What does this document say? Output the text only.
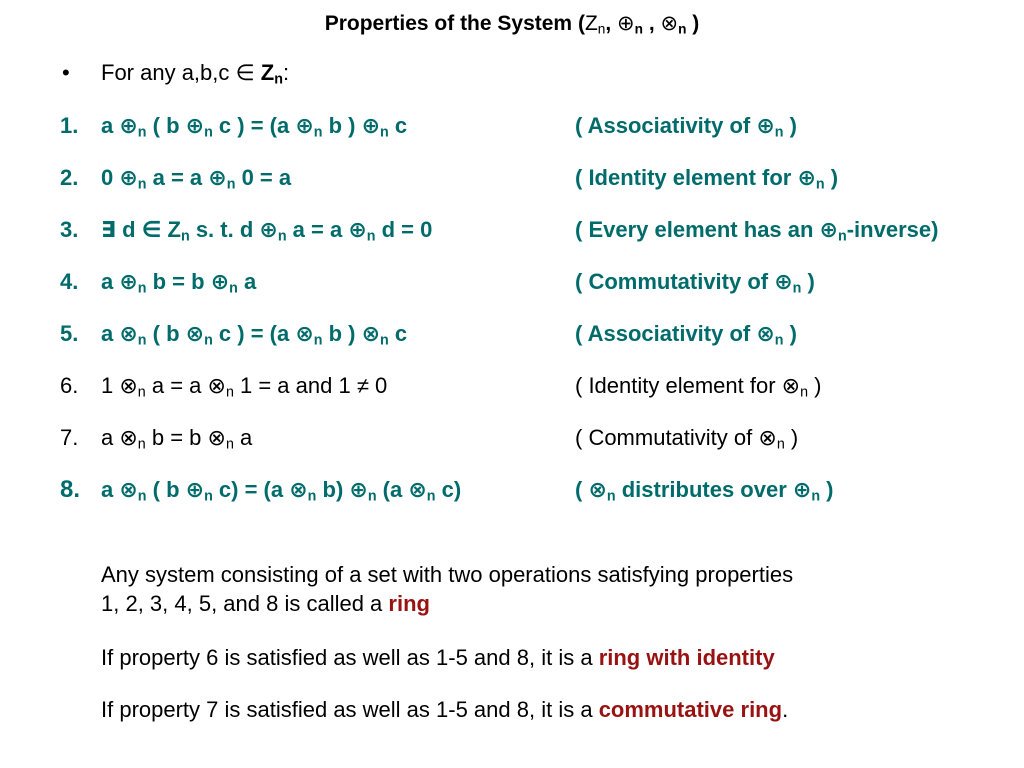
Properties of the System ($Z_n$, $\oplus_n$ , $\otimes_n$ )
• For any a,b,c ∈ $Z_n$:
1. a $\oplus_n$ ( b $\oplus_n$ c ) = (a $\oplus_n$ b ) $\oplus_n$ c	( Associativity of $\oplus_n$ )
2. 0 $\oplus_n$ a = a $\oplus_n$ 0 = a	( Identity element for $\oplus_n$ )
3. ∃ d ∈ $Z_n$ s. t. d $\oplus_n$ a = a $\oplus_n$ d = 0	( Every element has an $\oplus_n-inverse$)
4. a $\oplus_n$ b = b $\oplus_n$ a	( Commutativity of $\oplus_n$ )
5. a $\otimes_n$ ( b $\otimes_n$ c ) = (a $\otimes_n$ b ) $\otimes_n$ c	( Associativity of $\otimes_n$ )
6. 1 $\otimes_n$ a = a $\otimes_n$ 1 = a and 1 ≠ 0	( Identity element for $\otimes_n$ )
7. a $\otimes_n$ b = b $\otimes_n$ a	( Commutativity of $\otimes_n$ )
8. a $\otimes_n$ ( b $\oplus_n$ c) = (a $\otimes_n$ b) $\oplus_n$ (a $\otimes_n$ c)	( $\otimes_n$ distributes over $\oplus_n$ )
Any system consisting of a set with two operations satisfying properties
1, 2, 3, 4, 5, and 8 is called a ring
If property 6 is satisfied as well as 1-5 and 8, it is a ring with identity
If property 7 is satisfied as well as 1-5 and 8, it is a commutative ring.
